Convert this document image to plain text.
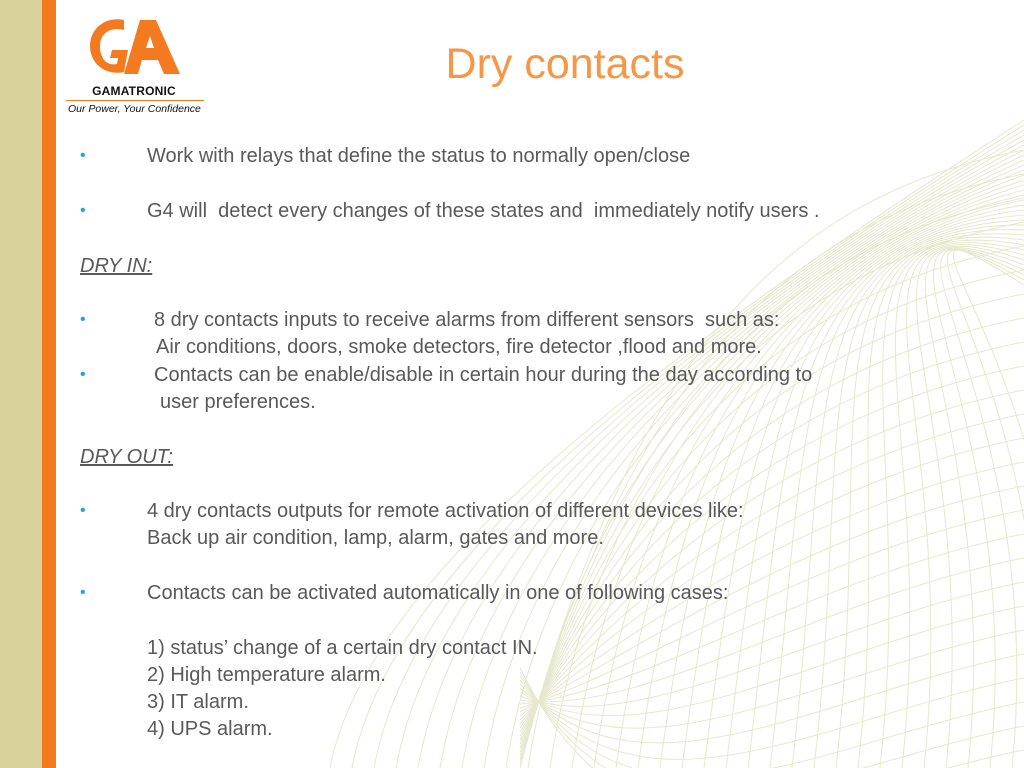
GAMATRONIC
Our Power, Your Confidence
Dry contacts
•	Work with relays that define the status to normally open/close
•	G4 will  detect every changes of these states and  immediately notify users .
DRY IN:
•	8 dry contacts inputs to receive alarms from different sensors  such as:
Air conditions, doors, smoke detectors, fire detector ,flood and more.
•	Contacts can be enable/disable in certain hour during the day according to
user preferences.
DRY OUT:
•	4 dry contacts outputs for remote activation of different devices like:
Back up air condition, lamp, alarm, gates and more.
•	Contacts can be activated automatically in one of following cases:
1) status’ change of a certain dry contact IN.
2) High temperature alarm.
3) IT alarm.
4) UPS alarm.
